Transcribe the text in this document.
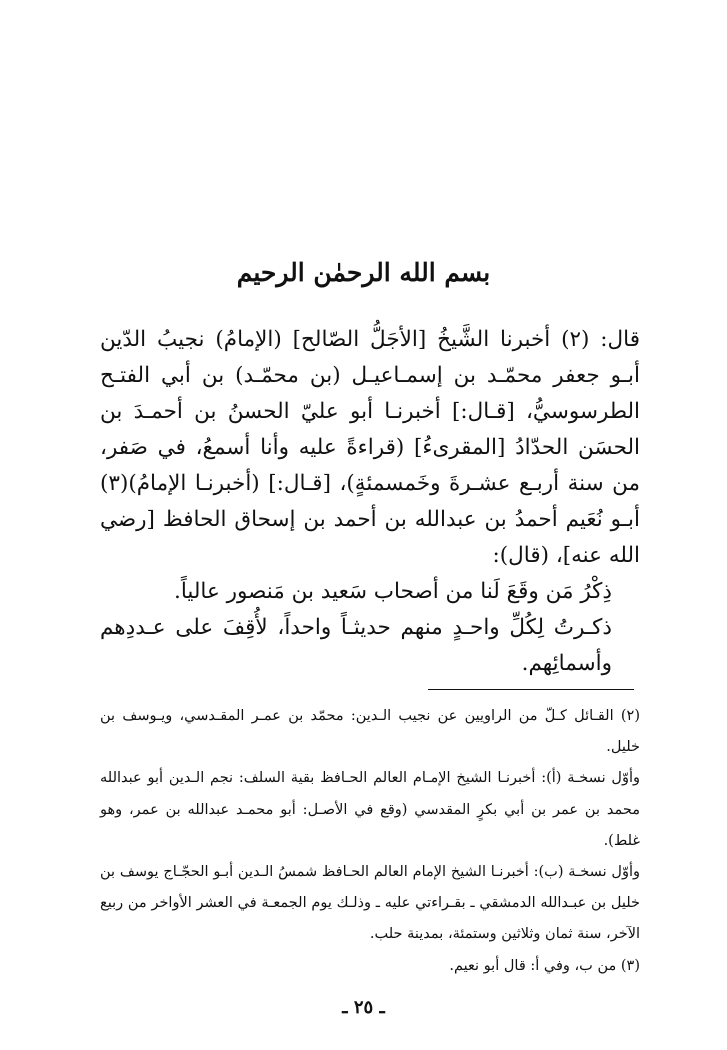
بسم الله الرحمٰن الرحيم

قال: (٢) أخبرنا الشَّيخُ [الأجَلُّ الصّالح] (الإمامُ) نجيبُ الدّين أبـو جعفر محمّـد بن إسمـاعيـل (بن محمّـد) بن أبي الفتـح الطرسوسيُّ، [قـال:] أخبرنـا أبو عليّ الحسنُ بن أحمـدَ بن الحسَن الحدّادُ [المقرىءُ] (قراءةً عليه وأنا أسمعُ، في صَفر، من سنة أربـع عشـرةَ وخَمسمئةٍ)، [قـال:] (أخبرنـا الإمامُ)(٣) أبـو نُعَيم أحمدُ بن عبدالله بن أحمد بن إسحاق الحافظ [رضي الله عنه]، (قال):

ذِكْرُ مَن وقَعَ لَنا من أصحاب سَعيد بن مَنصور عالياً.

ذكـرتُ لِكُلِّ واحـدٍ منهم حديثـاً واحداً، لأُقِفَ على عـددِهم وأسمائِهم.

(٢) القـائل كـلّ من الراويين عن نجيب الـدين: محمّد بن عمـر المقـدسي، ويـوسف بن خليل.

وأوّل نسخـة (أ): أخبرنـا الشيخ الإمـام العالم الحـافظ بقية السلف: نجم الـدين أبو عبدالله محمد بن عمر بن أبي بكرٍ المقدسي (وقع في الأصـل: أبو محمـد عبدالله بن عمر، وهو غلط).

وأوّل نسخـة (ب): أخبرنـا الشيخ الإمام العالم الحـافظ شمسُ الـدين أبـو الحجّـاج يوسف بن خليل بن عبـدالله الدمشقي ـ بقـراءتي عليه ـ وذلـك يوم الجمعـة في العشر الأواخر من ربيع الآخر، سنة ثمان وثلاثين وستمئة، بمدينة حلب.

(٣) من ب، وفي أ: قال أبو نعيم.

ـ ٢٥ ـ
